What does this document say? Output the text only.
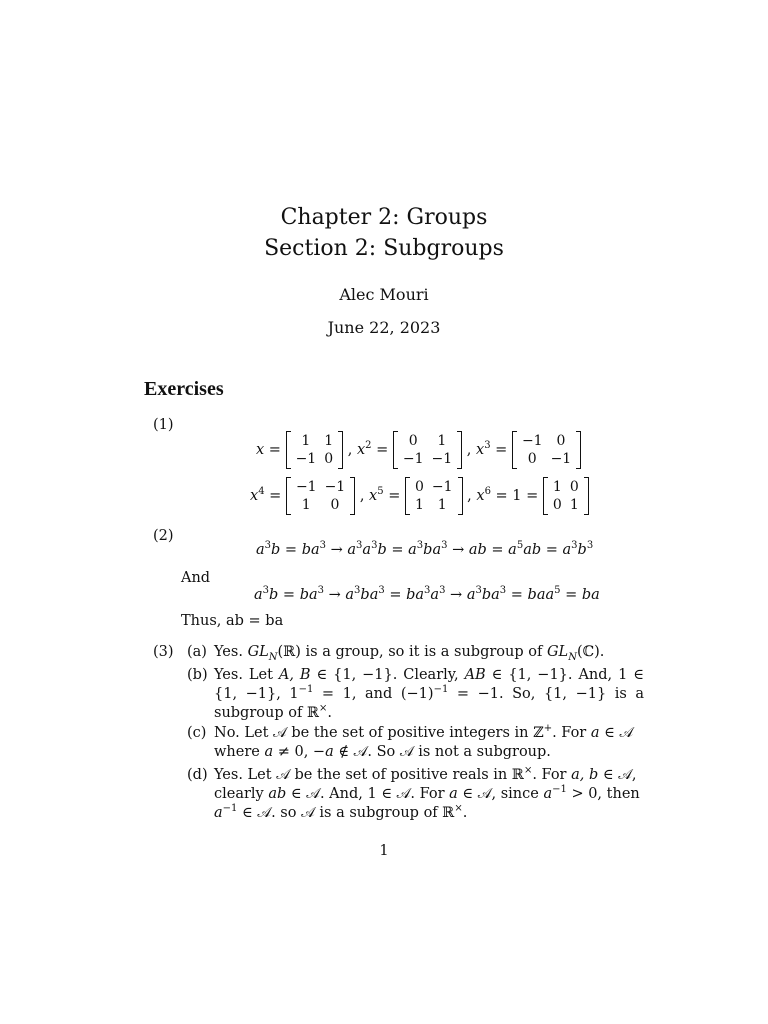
Chapter 2: Groups
Section 2: Subgroups
Alec Mouri
June 22, 2023
Exercises
(1)
x =
1	1
−1	0
, $x^2$ =
0	1
−1	−1
, $x^3$ =
−1	0
0	−1
$x^4$ =
−1	−1
1	0
, $x^5$ =
0	−1
1	1
, $x^6 = 1$ =
1	0
0	1
(2)
$a^3b = ba^3 \to a^3a^3b = a^3ba^3$ → ab = $a^5ab = a^3b^3$
And
$a^3b = ba^3 \to a^3ba^3 = ba^3a^3 \to a^3ba^3 = baa^5$ = ba
Thus, ab = ba
(3) (a) Yes. $GL_N(ℝ)$ is a group, so it is a subgroup of $GL_N(ℂ)$.
(b) Yes. Let A, B ∈ {1, −1}. Clearly, AB ∈ {1, −1}. And, 1 ∈ {1, −1}, $1^{-1} = 1$, and $(-1)^{-1} = -1$. So, {1, −1} is a subgroup of ℝ×.
(c) No. Let 𝒜 be the set of positive integers in ℤ+. For a ∈ 𝒜 where a ≠ 0, −a ∉ 𝒜. So 𝒜 is not a subgroup.
(d) Yes. Let 𝒜 be the set of positive reals in ℝ×. For a, b ∈ 𝒜, clearly ab ∈ 𝒜. And, 1 ∈ 𝒜. For a ∈ 𝒜, since $a^{-1} > 0$, then $a^{-1}$ ∈ 𝒜. so 𝒜 is a subgroup of ℝ×.
1
